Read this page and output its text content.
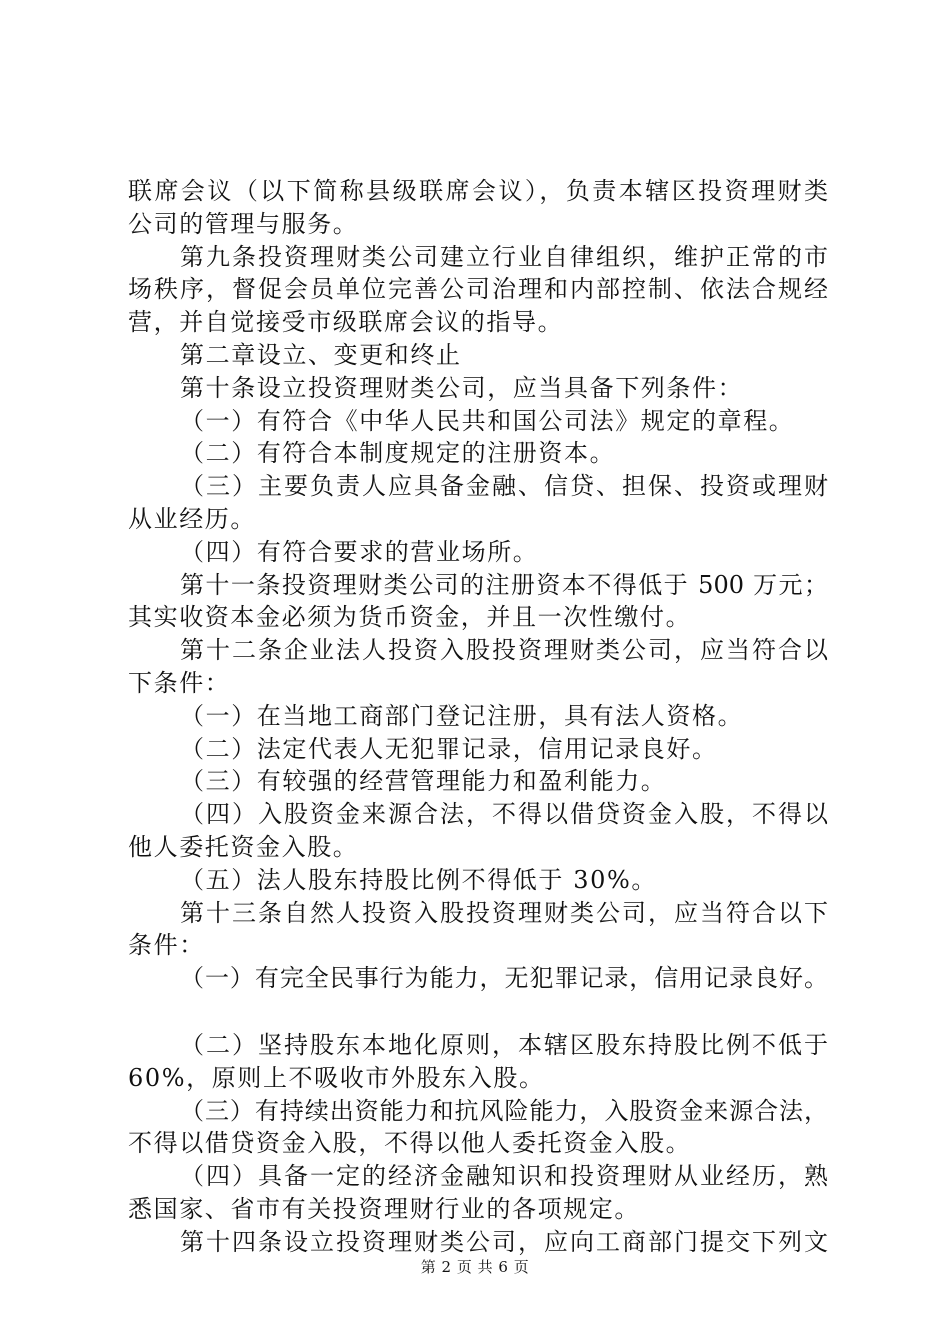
联席会议（以下简称县级联席会议），负责本辖区投资理财类
公司的管理与服务。
第九条投资理财类公司建立行业自律组织，维护正常的市
场秩序，督促会员单位完善公司治理和内部控制、依法合规经
营，并自觉接受市级联席会议的指导。
第二章设立、变更和终止
第十条设立投资理财类公司，应当具备下列条件：
（一）有符合《中华人民共和国公司法》规定的章程。
（二）有符合本制度规定的注册资本。
（三）主要负责人应具备金融、信贷、担保、投资或理财
从业经历。
（四）有符合要求的营业场所。
第十一条投资理财类公司的注册资本不得低于 500 万元；
其实收资本金必须为货币资金，并且一次性缴付。
第十二条企业法人投资入股投资理财类公司，应当符合以
下条件：
（一）在当地工商部门登记注册，具有法人资格。
（二）法定代表人无犯罪记录，信用记录良好。
（三）有较强的经营管理能力和盈利能力。
（四）入股资金来源合法，不得以借贷资金入股，不得以
他人委托资金入股。
（五）法人股东持股比例不得低于 30%。
第十三条自然人投资入股投资理财类公司，应当符合以下
条件：
（一）有完全民事行为能力，无犯罪记录，信用记录良好。
（二）坚持股东本地化原则，本辖区股东持股比例不低于
60%，原则上不吸收市外股东入股。
（三）有持续出资能力和抗风险能力，入股资金来源合法，
不得以借贷资金入股，不得以他人委托资金入股。
（四）具备一定的经济金融知识和投资理财从业经历，熟
悉国家、省市有关投资理财行业的各项规定。
第十四条设立投资理财类公司，应向工商部门提交下列文
第 2 页 共 6 页
